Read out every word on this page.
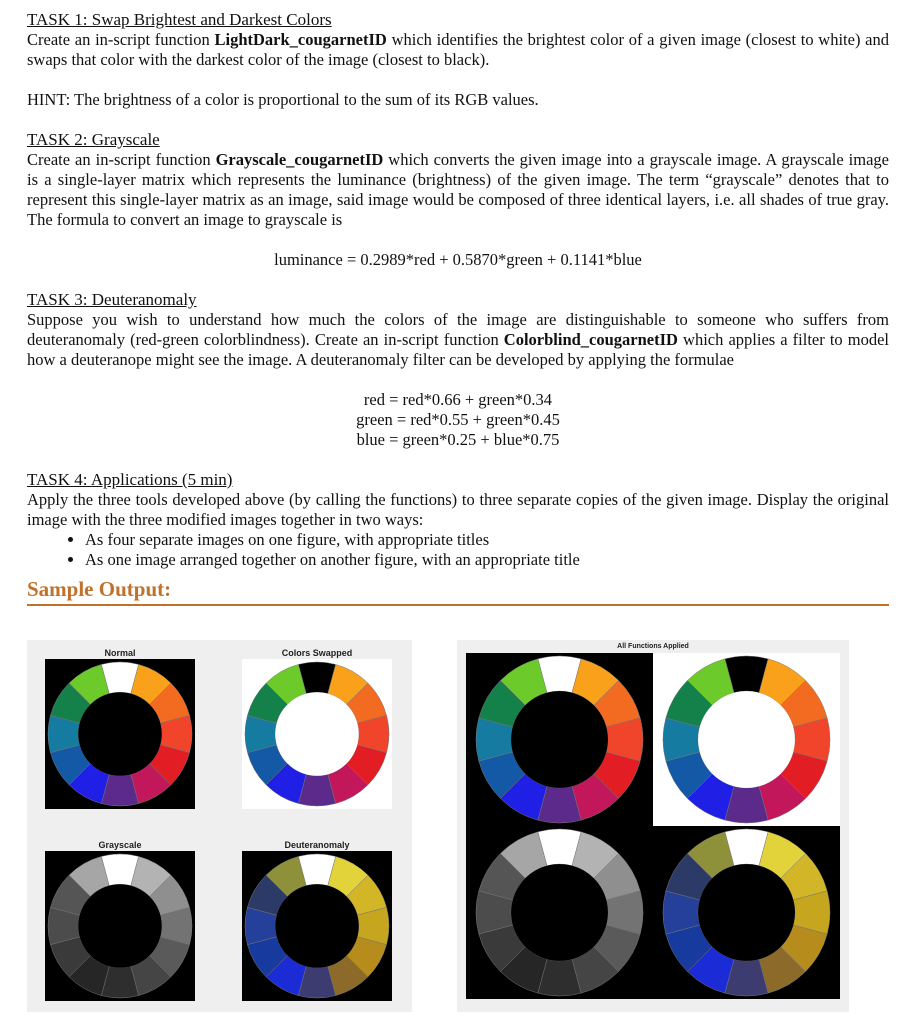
TASK 1: Swap Brightest and Darkest Colors

Create an in-script function LightDark_cougarnetID which identifies the brightest color of a given image (closest to white) and swaps that color with the darkest color of the image (closest to black).

HINT: The brightness of a color is proportional to the sum of its RGB values.

TASK 2: Grayscale

Create an in-script function Grayscale_cougarnetID which converts the given image into a grayscale image. A grayscale image is a single-layer matrix which represents the luminance (brightness) of the given image. The term “grayscale” denotes that to represent this single-layer matrix as an image, said image would be composed of three identical layers, i.e. all shades of true gray. The formula to convert an image to grayscale is

luminance = 0.2989*red + 0.5870*green + 0.1141*blue
TASK 3: Deuteranomaly

Suppose you wish to understand how much the colors of the image are distinguishable to someone who suffers from deuteranomaly (red-green colorblindness). Create an in-script function Colorblind_cougarnetID which applies a filter to model how a deuteranope might see the image. A deuteranomaly filter can be developed by applying the formulae

red = red*0.66 + green*0.34
green = red*0.55 + green*0.45
blue = green*0.25 + blue*0.75
TASK 4: Applications (5 min)

Apply the three tools developed above (by calling the functions) to three separate copies of the given image. Display the original image with the three modified images together in two ways:

• As four separate images on one figure, with appropriate titles
• As one image arranged together on another figure, with an appropriate title
Sample Output:
Normal	Colors Swapped
Grayscale	Deuteranomaly
All Functions Applied
